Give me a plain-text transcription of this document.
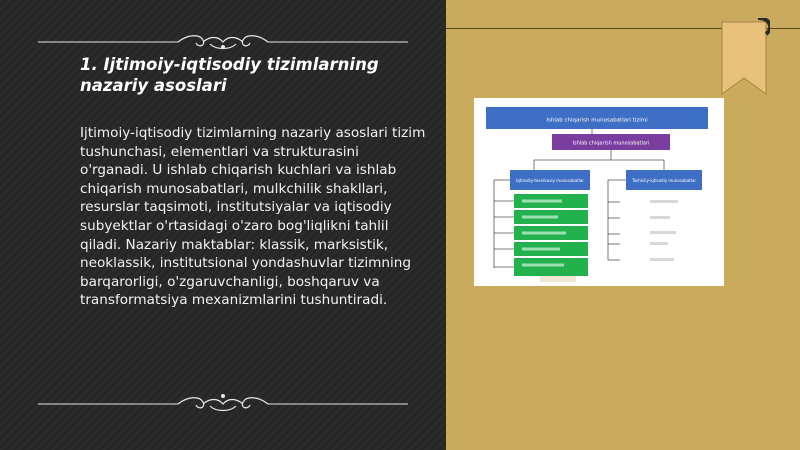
1. Ijtimoiy-iqtisodiy tizimlarning nazariy asoslari

Ijtimoiy-iqtisodiy tizimlarning nazariy asoslari tizim tushunchasi, elementlari va strukturasini o'rganadi. U ishlab chiqarish kuchlari va ishlab chiqarish munosabatlari, mulkchilik shakllari, resurslar taqsimoti, institutsiyalar va iqtisodiy subyektlar o'rtasidagi o'zaro bog'liqlikni tahlil qiladi. Nazariy maktablar: klassik, marksistik, neoklassik, institutsional yondashuvlar tizimning barqarorligi, o'zgaruvchanligi, boshqaruv va transformatsiya mexanizmlarini tushuntiradi.

Ishlab chiqarish munosabatlari tizimi
Ishlab chiqarish munosabatlari
Iqtisodiy-texnikaviy munosabatlar	Tashkiliy-iqtisodiy munosabatlar
